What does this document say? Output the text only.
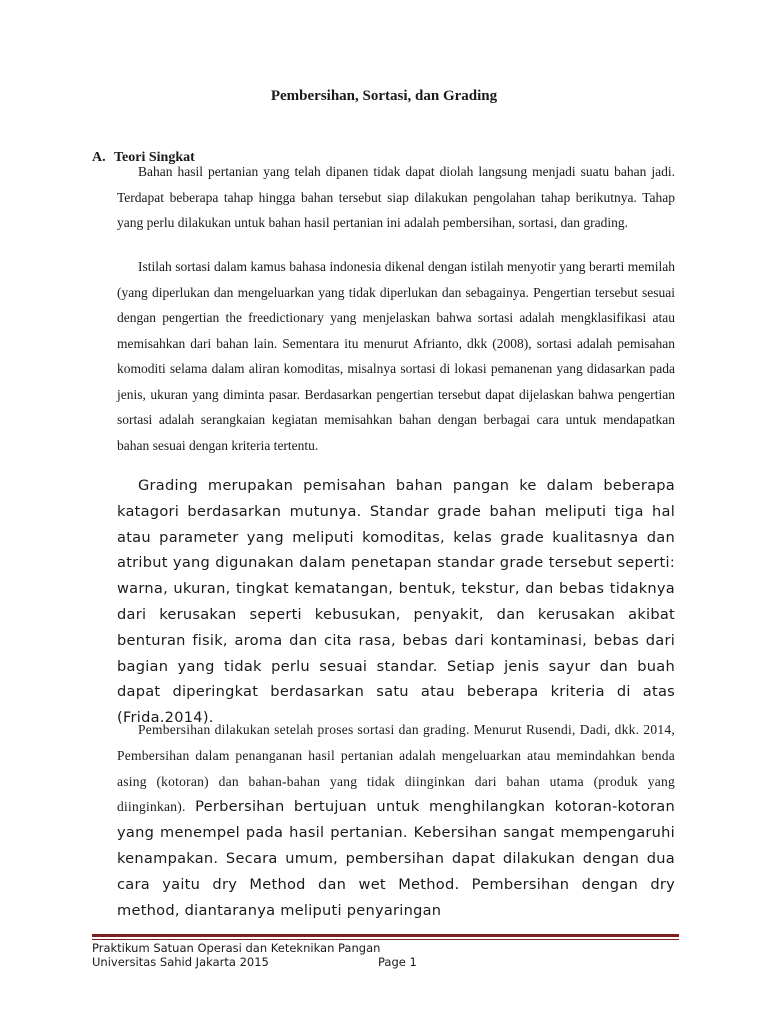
Pembersihan, Sortasi, dan Grading
A. Teori Singkat

Bahan hasil pertanian yang telah dipanen tidak dapat diolah langsung menjadi suatu bahan jadi. Terdapat beberapa tahap hingga bahan tersebut siap dilakukan pengolahan tahap berikutnya. Tahap yang perlu dilakukan untuk bahan hasil pertanian ini adalah pembersihan, sortasi, dan grading.

Istilah sortasi dalam kamus bahasa indonesia dikenal dengan istilah menyotir yang berarti memilah (yang diperlukan dan mengeluarkan yang tidak diperlukan dan sebagainya. Pengertian tersebut sesuai dengan pengertian the freedictionary yang menjelaskan bahwa sortasi adalah mengklasifikasi atau memisahkan dari bahan lain. Sementara itu menurut Afrianto, dkk (2008), sortasi adalah pemisahan komoditi selama dalam aliran komoditas, misalnya sortasi di lokasi pemanenan yang didasarkan pada jenis, ukuran yang diminta pasar. Berdasarkan pengertian tersebut dapat dijelaskan bahwa pengertian sortasi adalah serangkaian kegiatan memisahkan bahan dengan berbagai cara untuk mendapatkan bahan sesuai dengan kriteria tertentu.

Grading merupakan pemisahan bahan pangan ke dalam beberapa katagori berdasarkan mutunya. Standar grade bahan meliputi tiga hal atau parameter yang meliputi komoditas, kelas grade kualitasnya dan atribut yang digunakan dalam penetapan standar grade tersebut seperti: warna, ukuran, tingkat kematangan, bentuk, tekstur, dan bebas tidaknya dari kerusakan seperti kebusukan, penyakit, dan kerusakan akibat benturan fisik, aroma dan cita rasa, bebas dari kontaminasi, bebas dari bagian yang tidak perlu sesuai standar. Setiap jenis sayur dan buah dapat diperingkat berdasarkan satu atau beberapa kriteria di atas (Frida.2014).

Pembersihan dilakukan setelah proses sortasi dan grading. Menurut Rusendi, Dadi, dkk. 2014, Pembersihan dalam penanganan hasil pertanian adalah mengeluarkan atau memindahkan benda asing (kotoran) dan bahan-bahan yang tidak diinginkan dari bahan utama (produk yang diinginkan). Perbersihan bertujuan untuk menghilangkan kotoran-kotoran yang menempel pada hasil pertanian. Kebersihan sangat mempengaruhi kenampakan. Secara umum, pembersihan dapat dilakukan dengan dua cara yaitu dry Method dan wet Method. Pembersihan dengan dry method, diantaranya meliputi penyaringan

Praktikum Satuan Operasi dan Keteknikan Pangan
Universitas Sahid Jakarta 2015	Page 1
